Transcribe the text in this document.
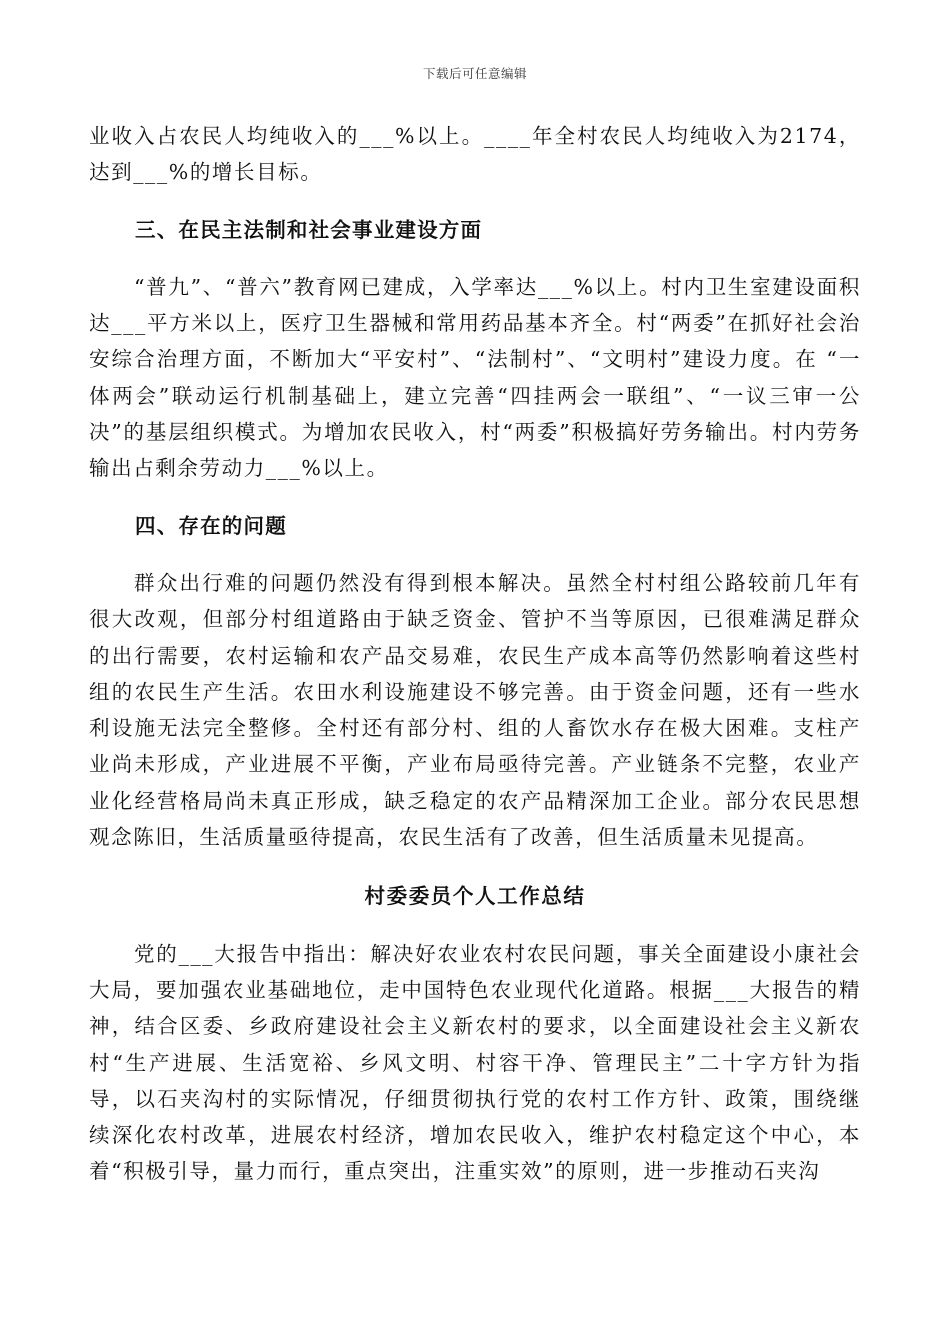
下载后可任意编辑

业收入占农民人均纯收入的___%以上。____年全村农民人均纯收入为2174，达到___%的增长目标。

三、在民主法制和社会事业建设方面

“普九”、“普六”教育网已建成，入学率达___%以上。村内卫生室建设面积达___平方米以上，医疗卫生器械和常用药品基本齐全。村“两委”在抓好社会治安综合治理方面，不断加大“平安村”、“法制村”、“文明村”建设力度。在 “一体两会”联动运行机制基础上，建立完善“四挂两会一联组”、“一议三审一公决”的基层组织模式。为增加农民收入，村“两委”积极搞好劳务输出。村内劳务输出占剩余劳动力___%以上。

四、存在的问题

群众出行难的问题仍然没有得到根本解决。虽然全村村组公路较前几年有很大改观，但部分村组道路由于缺乏资金、管护不当等原因，已很难满足群众的出行需要，农村运输和农产品交易难，农民生产成本高等仍然影响着这些村组的农民生产生活。农田水利设施建设不够完善。由于资金问题，还有一些水利设施无法完全整修。全村还有部分村、组的人畜饮水存在极大困难。支柱产业尚未形成，产业进展不平衡，产业布局亟待完善。产业链条不完整，农业产业化经营格局尚未真正形成，缺乏稳定的农产品精深加工企业。部分农民思想观念陈旧，生活质量亟待提高，农民生活有了改善，但生活质量未见提高。

村委委员个人工作总结

党的___大报告中指出：解决好农业农村农民问题，事关全面建设小康社会大局，要加强农业基础地位，走中国特色农业现代化道路。根据___大报告的精神，结合区委、乡政府建设社会主义新农村的要求，以全面建设社会主义新农村“生产进展、生活宽裕、乡风文明、村容干净、管理民主”二十字方针为指导，以石夹沟村的实际情况，仔细贯彻执行党的农村工作方针、政策，围绕继续深化农村改革，进展农村经济，增加农民收入，维护农村稳定这个中心，本着“积极引导，量力而行，重点突出，注重实效”的原则，进一步推动石夹沟
